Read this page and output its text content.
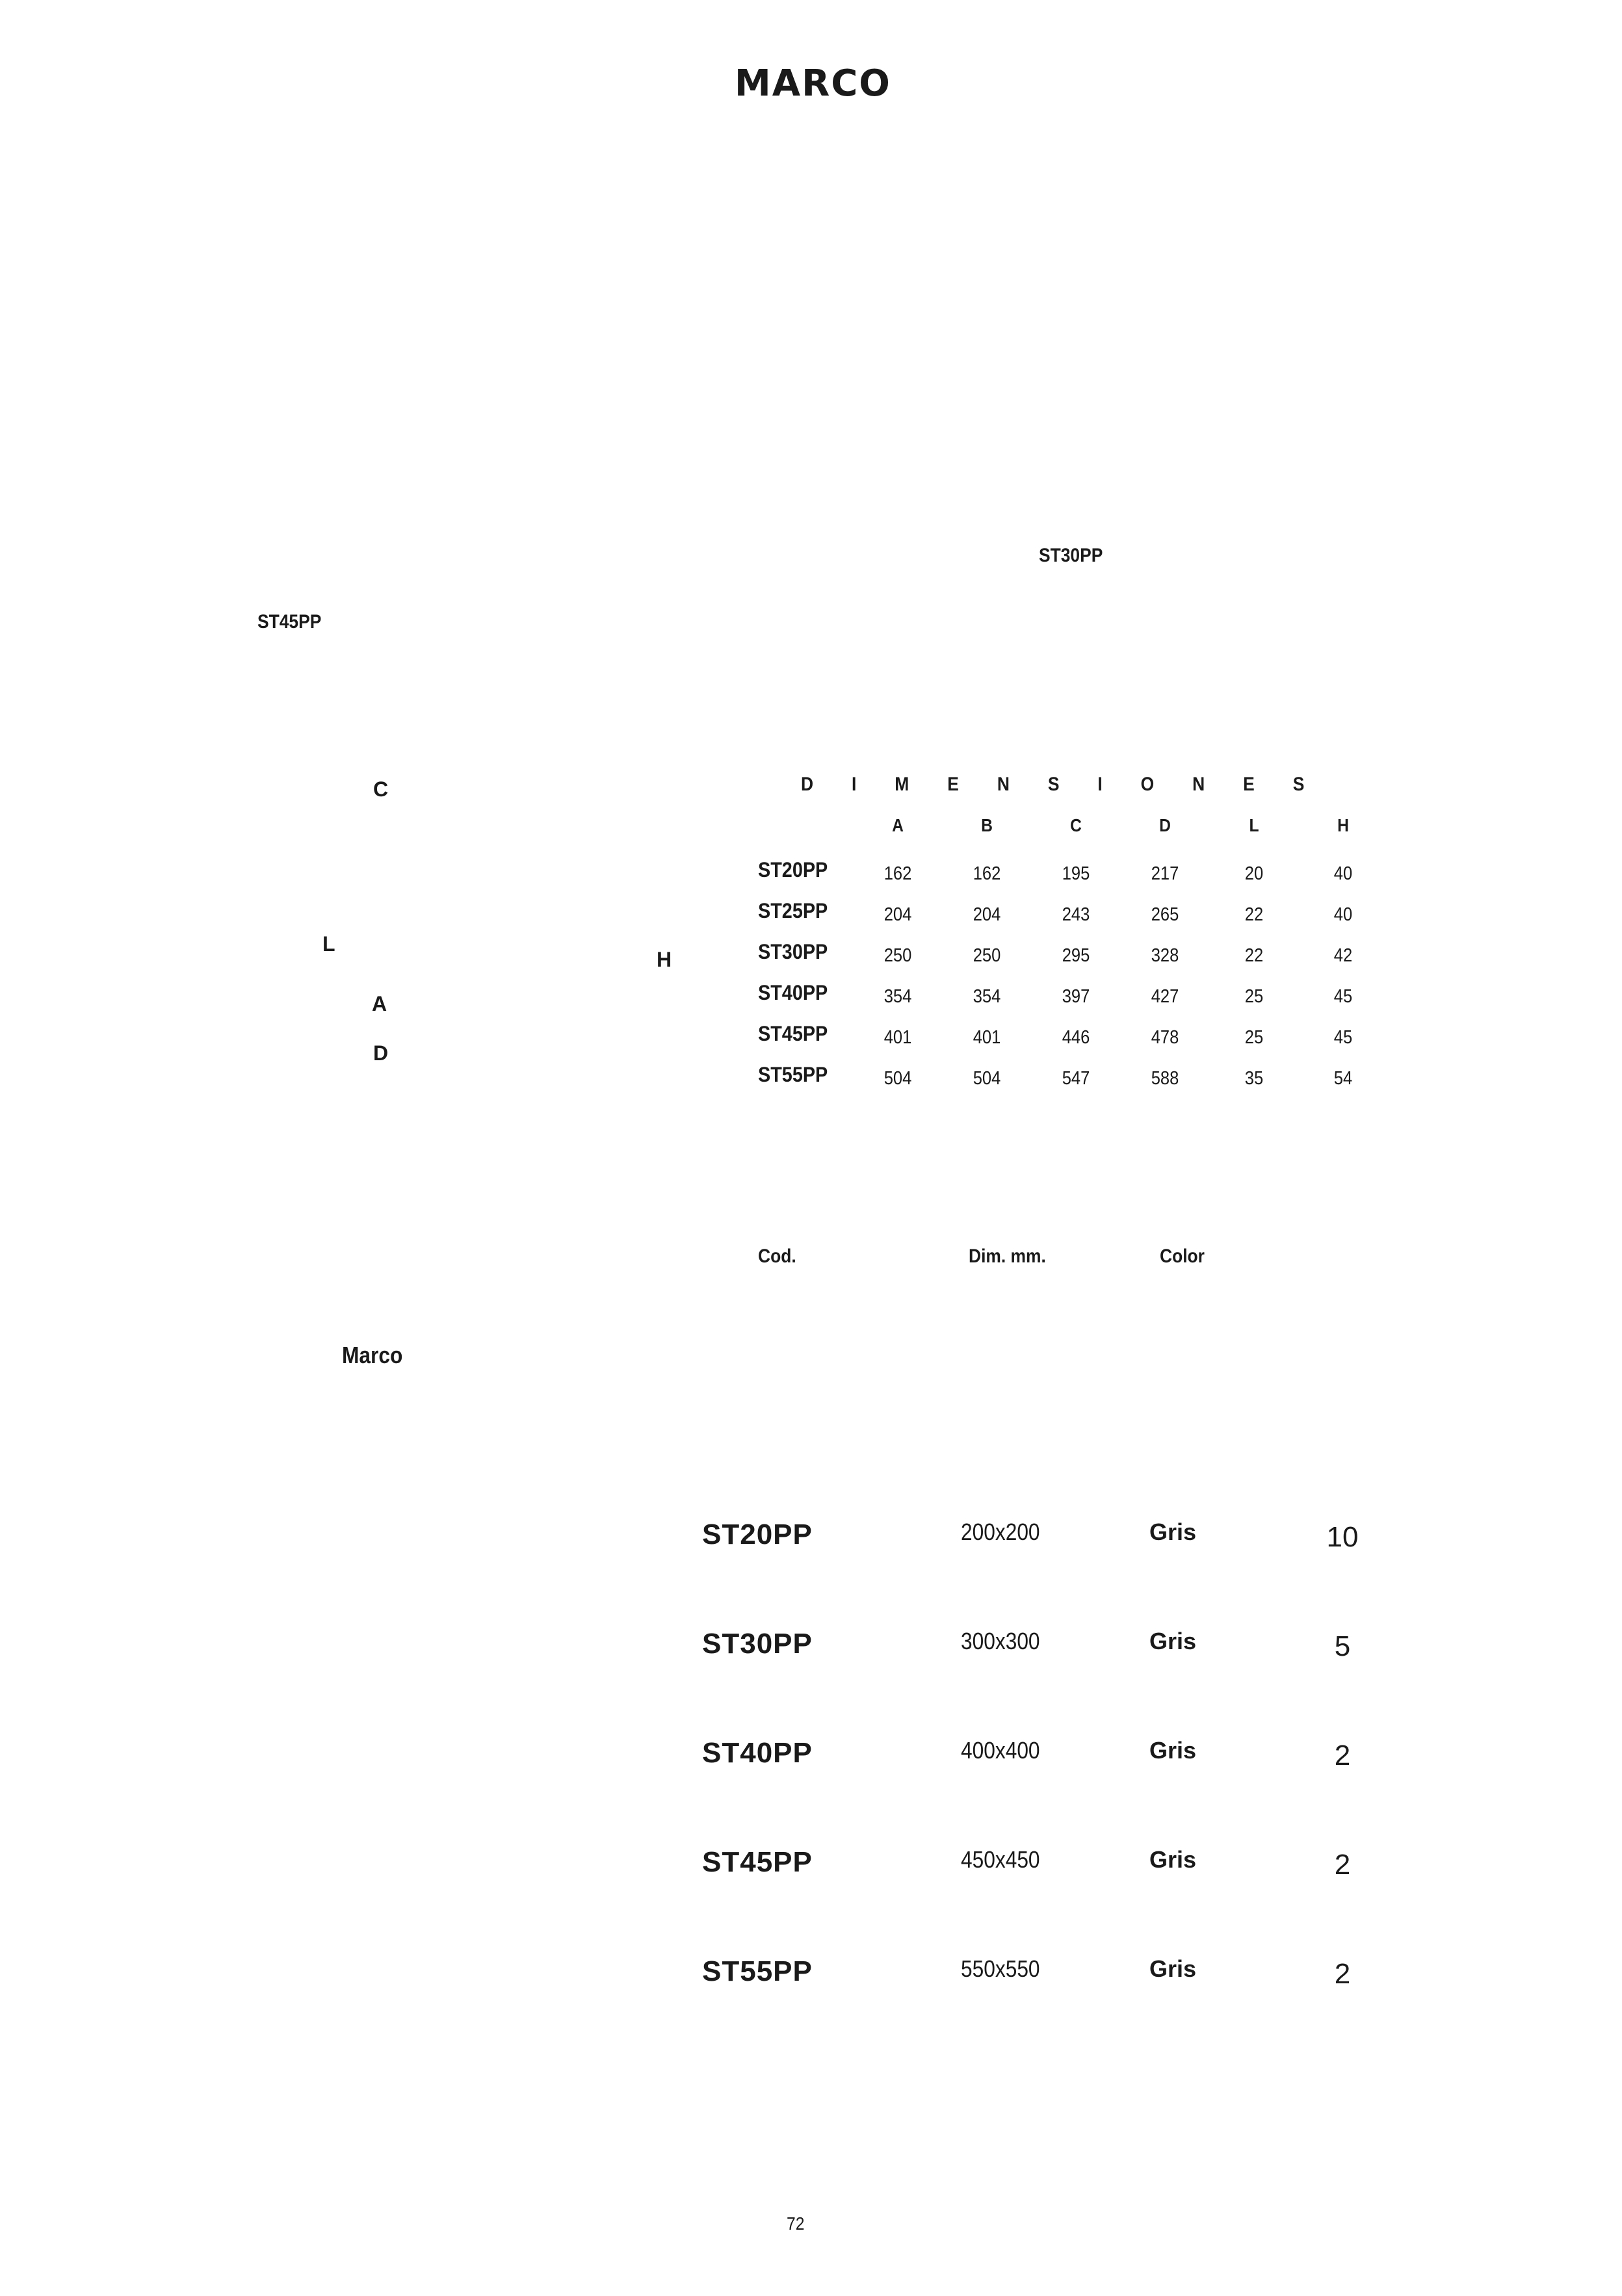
MARCO
ST30PP
ST45PP
C
L
H
A
D
D I M E N S I O N E S
A	B	C	D	L	H
ST20PP	162	162	195	217	20	40
ST25PP	204	204	243	265	22	40
ST30PP	250	250	295	328	22	42
ST40PP	354	354	397	427	25	45
ST45PP	401	401	446	478	25	45
ST55PP	504	504	547	588	35	54
Cod.	Dim. mm.	Color
Marco
ST20PP	200x200	Gris	10
ST30PP	300x300	Gris	5
ST40PP	400x400	Gris	2
ST45PP	450x450	Gris	2
ST55PP	550x550	Gris	2
72
